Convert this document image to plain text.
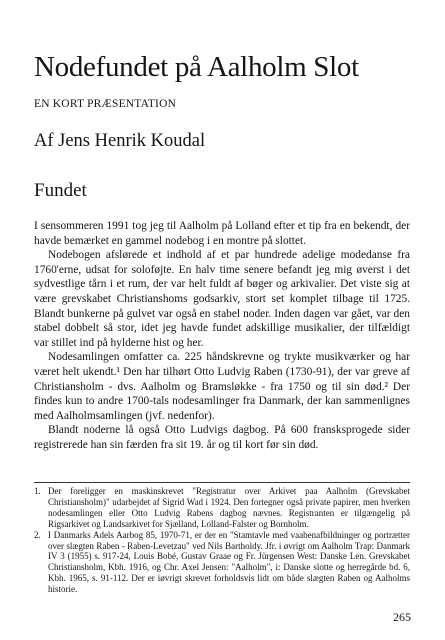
Nodefundet på Aalholm Slot
EN KORT PRÆSENTATION
Af Jens Henrik Koudal
Fundet

I sensommeren 1991 tog jeg til Aalholm på Lolland efter et tip fra en bekendt, der havde bemærket en gammel nodebog i en montre på slottet.

Nodebogen afslørede et indhold af et par hundrede adelige modedanse fra 1760'erne, udsat for soloføjte. En halv time senere befandt jeg mig øverst i det sydvestlige tårn i et rum, der var helt fuldt af bøger og arkivalier. Det viste sig at være grevskabet Christianshoms godsarkiv, stort set komplet tilbage til 1725. Blandt bunkerne på gulvet var også en stabel noder. Inden dagen var gået, var den stabel dobbelt så stor, idet jeg havde fundet adskillige musikalier, der tilfældigt var stillet ind på hylderne hist og her.

Nodesamlingen omfatter ca. 225 håndskrevne og trykte musikværker og har været helt ukendt.¹ Den har tilhørt Otto Ludvig Raben (1730-91), der var greve af Christiansholm - dvs. Aalholm og Bramsløkke - fra 1750 og til sin død.² Der findes kun to andre 1700-tals nodesamlinger fra Danmark, der kan sammenlignes med Aalholmsamlingen (jvf. nedenfor).

Blandt noderne lå også Otto Ludvigs dagbog. På 600 fransksprogede sider registrerede han sin færden fra sit 19. år og til kort før sin død.

1. Der foreligger en maskinskrevet "Registratur over Arkivet paa Aalholm (Grevskabet Christiansholm)" udarbejdet af Sigrid Wad i 1924. Den fortegner også private papirer, men hverken nodesamlingen eller Otto Ludvig Rabens dagbog nævnes. Registranten er tilgængelig på Rigsarkivet og Landsarkivet for Sjælland, Lolland-Falster og Bornholm.
2. I Danmarks Adels Aarbog 85, 1970-71, er der en "Stamtavle med vaabenafbildninger og portrætter over slægten Raben - Raben-Levetzau" ved Nils Bartholdy. Jfr. i øvrigt om Aalholm Trap: Danmark IV 3 (1955) s. 917-24, Louis Bobé, Gustav Graae og Fr. Jürgensen West: Danske Len. Grevskabet Christiansholm, Kbh. 1916, og Chr. Axel Jensen: "Aalholm", i: Danske slotte og herregårde bd. 6, Kbh. 1965, s. 91-112. Der er iøvrigt skrevet forholdsvis lidt om både slægten Raben og Aalholms historie.
265
